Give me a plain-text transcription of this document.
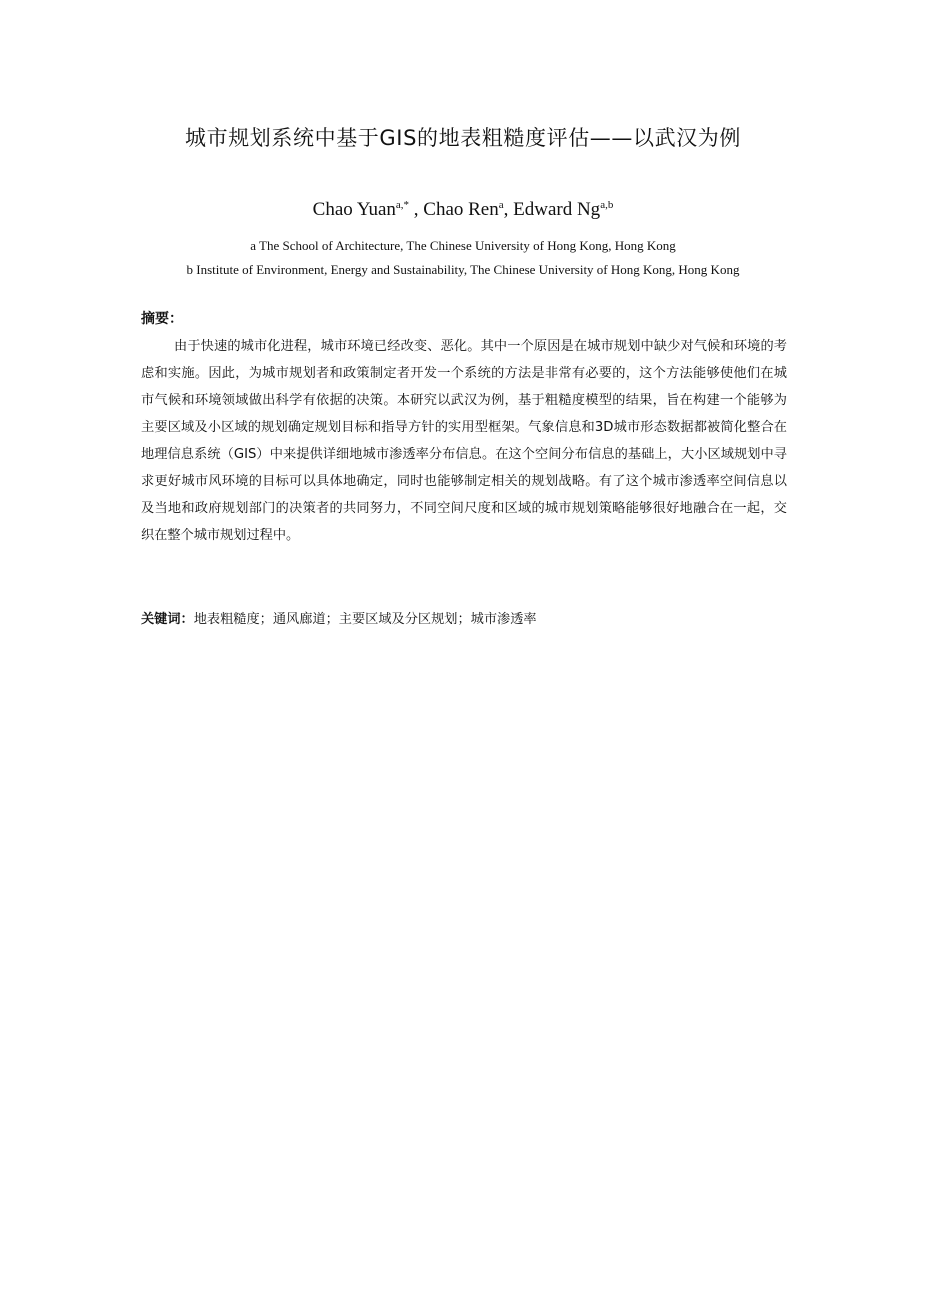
城市规划系统中基于GIS的地表粗糙度评估——以武汉为例
Chao Yuan$^{a,*}$ , Chao Ren$^a$, Edward Ng$^{a,b}$
a The School of Architecture, The Chinese University of Hong Kong, Hong Kong
b Institute of Environment, Energy and Sustainability, The Chinese University of Hong Kong, Hong Kong
摘要：

由于快速的城市化进程，城市环境已经改变、恶化。其中一个原因是在城市规划中缺少对气候和环境的考虑和实施。因此，为城市规划者和政策制定者开发一个系统的方法是非常有必要的，这个方法能够使他们在城市气候和环境领域做出科学有依据的决策。本研究以武汉为例，基于粗糙度模型的结果，旨在构建一个能够为主要区域及小区域的规划确定规划目标和指导方针的实用型框架。气象信息和3D城市形态数据都被简化整合在地理信息系统（GIS）中来提供详细地城市渗透率分布信息。在这个空间分布信息的基础上，大小区域规划中寻求更好城市风环境的目标可以具体地确定，同时也能够制定相关的规划战略。有了这个城市渗透率空间信息以及当地和政府规划部门的决策者的共同努力，不同空间尺度和区域的城市规划策略能够很好地融合在一起，交织在整个城市规划过程中。

关键词：地表粗糙度；通风廊道；主要区域及分区规划；城市渗透率
